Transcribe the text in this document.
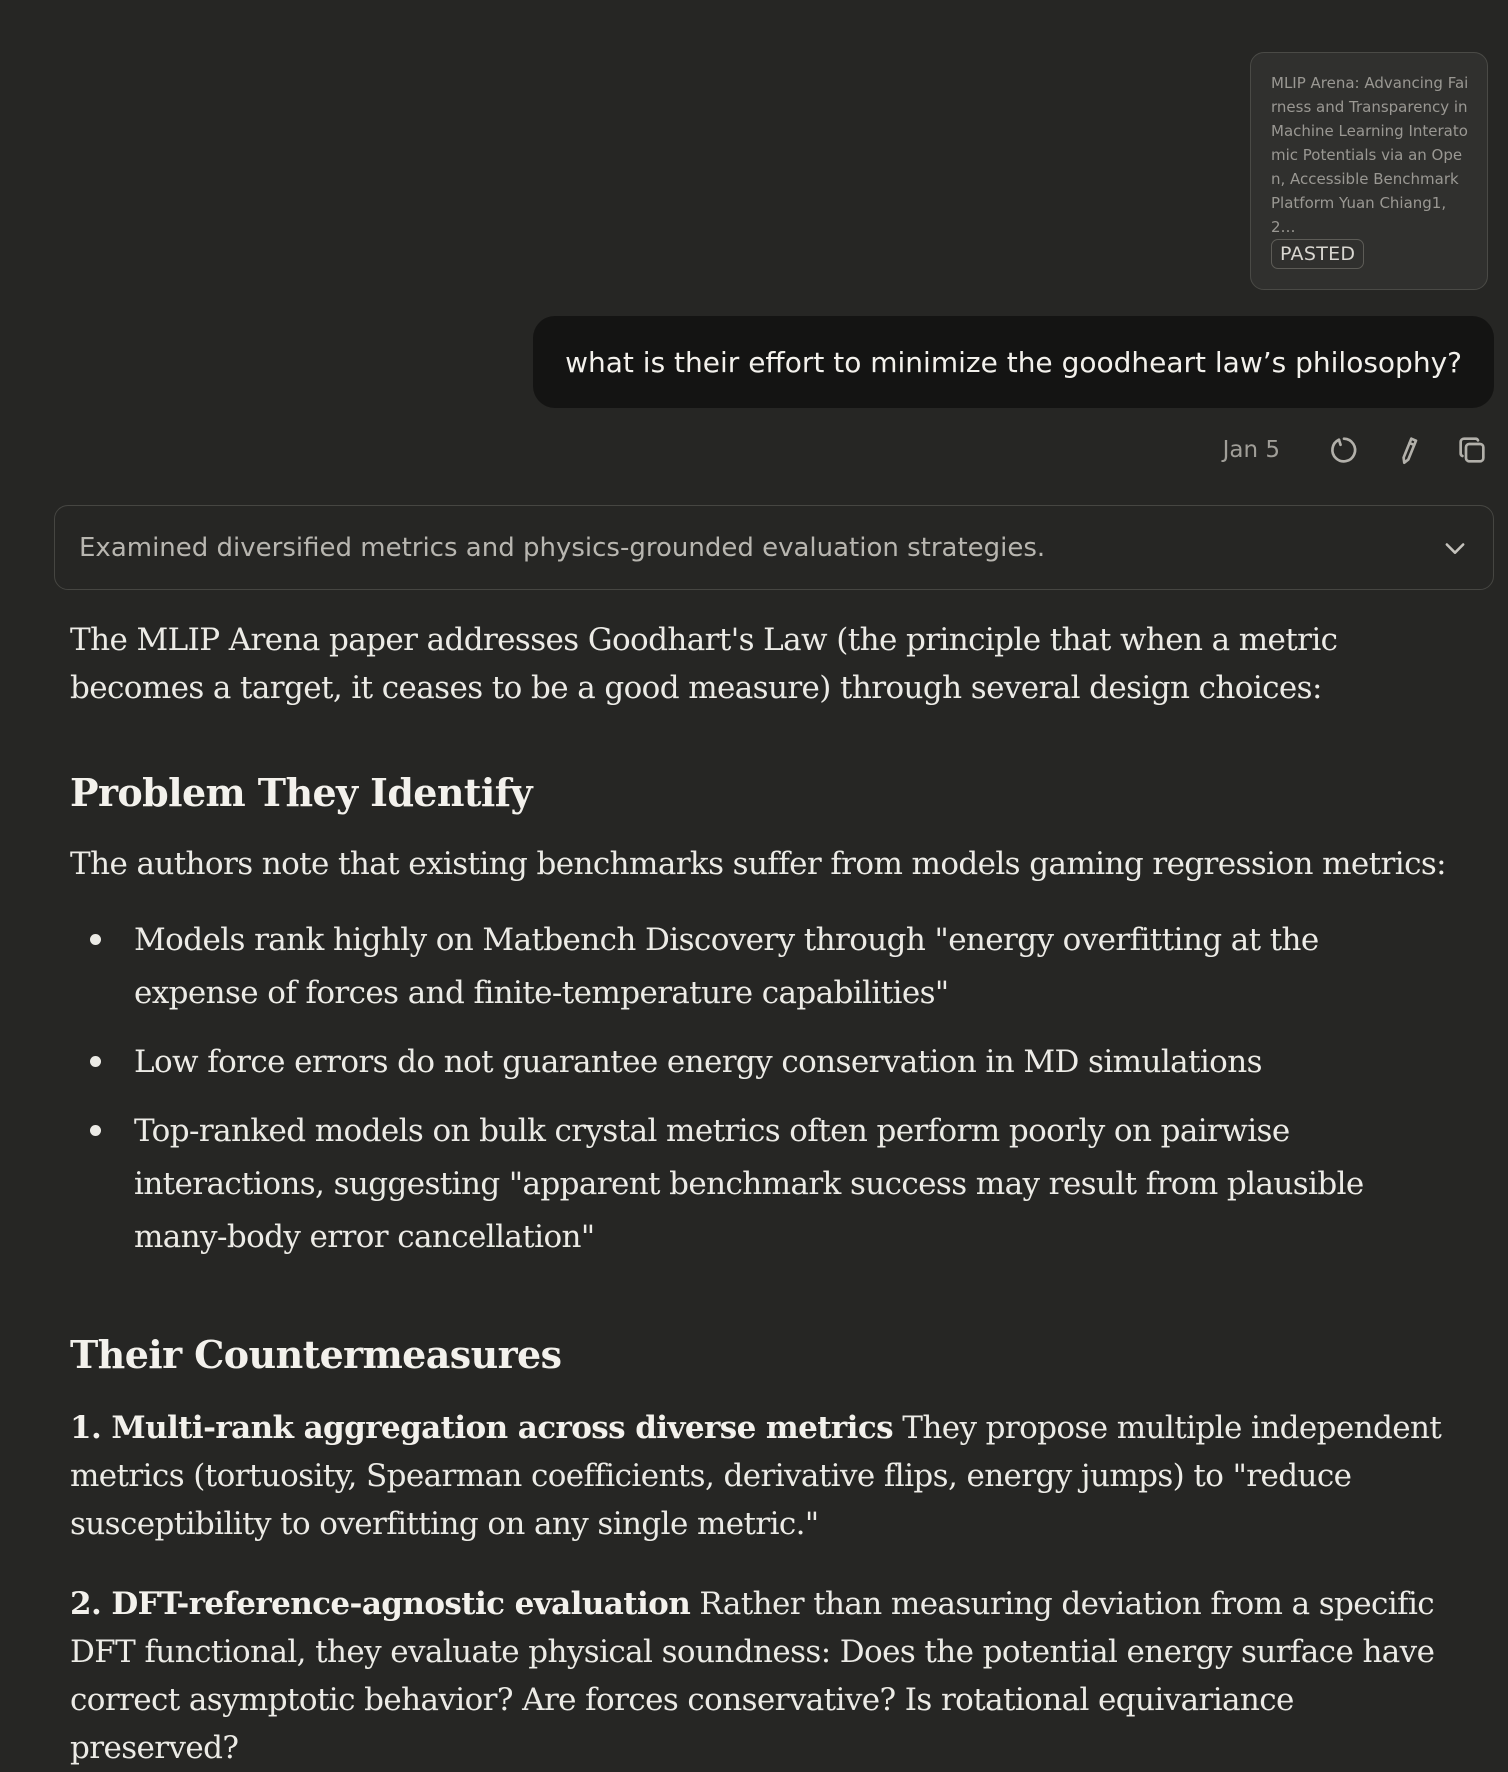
MLIP Arena: Advancing Fairness and Transparency in Machine Learning Interatomic Potentials via an Open, Accessible Benchmark Platform Yuan Chiang1,2…

PASTED
what is their effort to minimize the goodheart law’s philosophy?
Jan 5
Examined diversified metrics and physics-grounded evaluation strategies.

The MLIP Arena paper addresses Goodhart's Law (the principle that when a metric becomes a target, it ceases to be a good measure) through several design choices:

Problem They Identify

The authors note that existing benchmarks suffer from models gaming regression metrics:

Models rank highly on Matbench Discovery through "energy overfitting at the expense of forces and finite-temperature capabilities"
Low force errors do not guarantee energy conservation in MD simulations
Top-ranked models on bulk crystal metrics often perform poorly on pairwise interactions, suggesting "apparent benchmark success may result from plausible many-body error cancellation"
Their Countermeasures

1. Multi-rank aggregation across diverse metrics They propose multiple independent metrics (tortuosity, Spearman coefficients, derivative flips, energy jumps) to "reduce susceptibility to overfitting on any single metric."

2. DFT-reference-agnostic evaluation Rather than measuring deviation from a specific DFT functional, they evaluate physical soundness: Does the potential energy surface have correct asymptotic behavior? Are forces conservative? Is rotational equivariance preserved?
